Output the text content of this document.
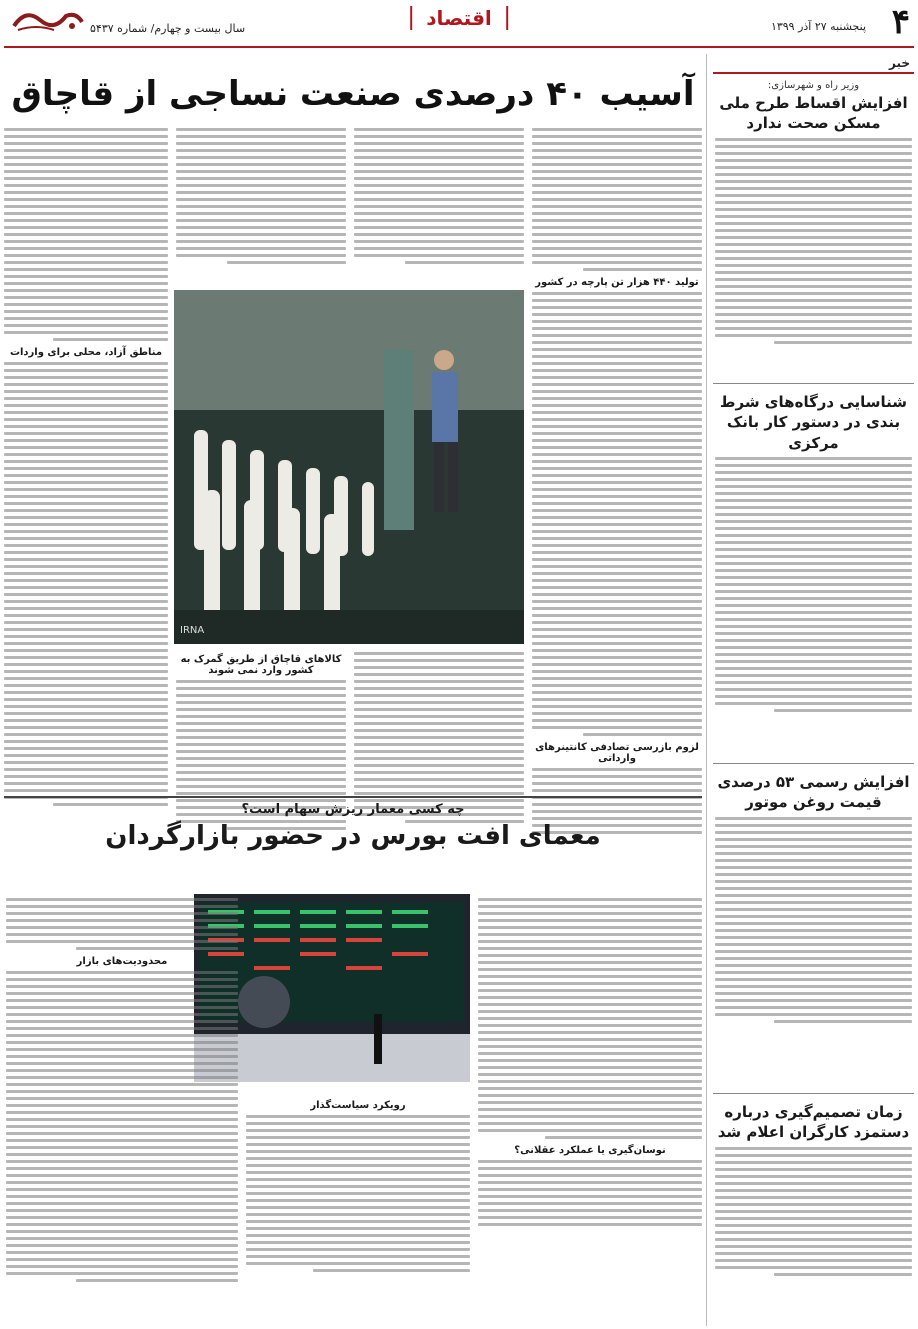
۴
پنجشنبه ۲۷ آذر ۱۳۹۹
اقتصاد
سال بیست و چهارم/ شماره ۵۴۳۷
خبر
وزیر راه و شهرسازی:
افزایش اقساط طرح ملی مسکن صحت ندارد
شناسایی درگاه‌های شرط بندی در دستور کار بانک مرکزی
افزایش رسمی ۵۳ درصدی قیمت روغن موتور
زمان تصمیم‌گیری درباره دستمزد کارگران اعلام شد
آسیب ۴۰ درصدی صنعت نساجی از قاچاق
تولید ۴۴۰ هزار تن پارچه در کشور
لزوم بازرسی تصادفی کانتینرهای وارداتی
IRNA
کالاهای قاچاق از طریق گمرک به کشور وارد نمی شوند
مناطق آزاد، محلی برای واردات
چه کسی معمار ریزش سهام است؟
معمای افت بورس در حضور بازارگردان
نوسان‌گیری یا عملکرد عقلانی؟
رویکرد سیاست‌گذار
محدودیت‌های بازار
